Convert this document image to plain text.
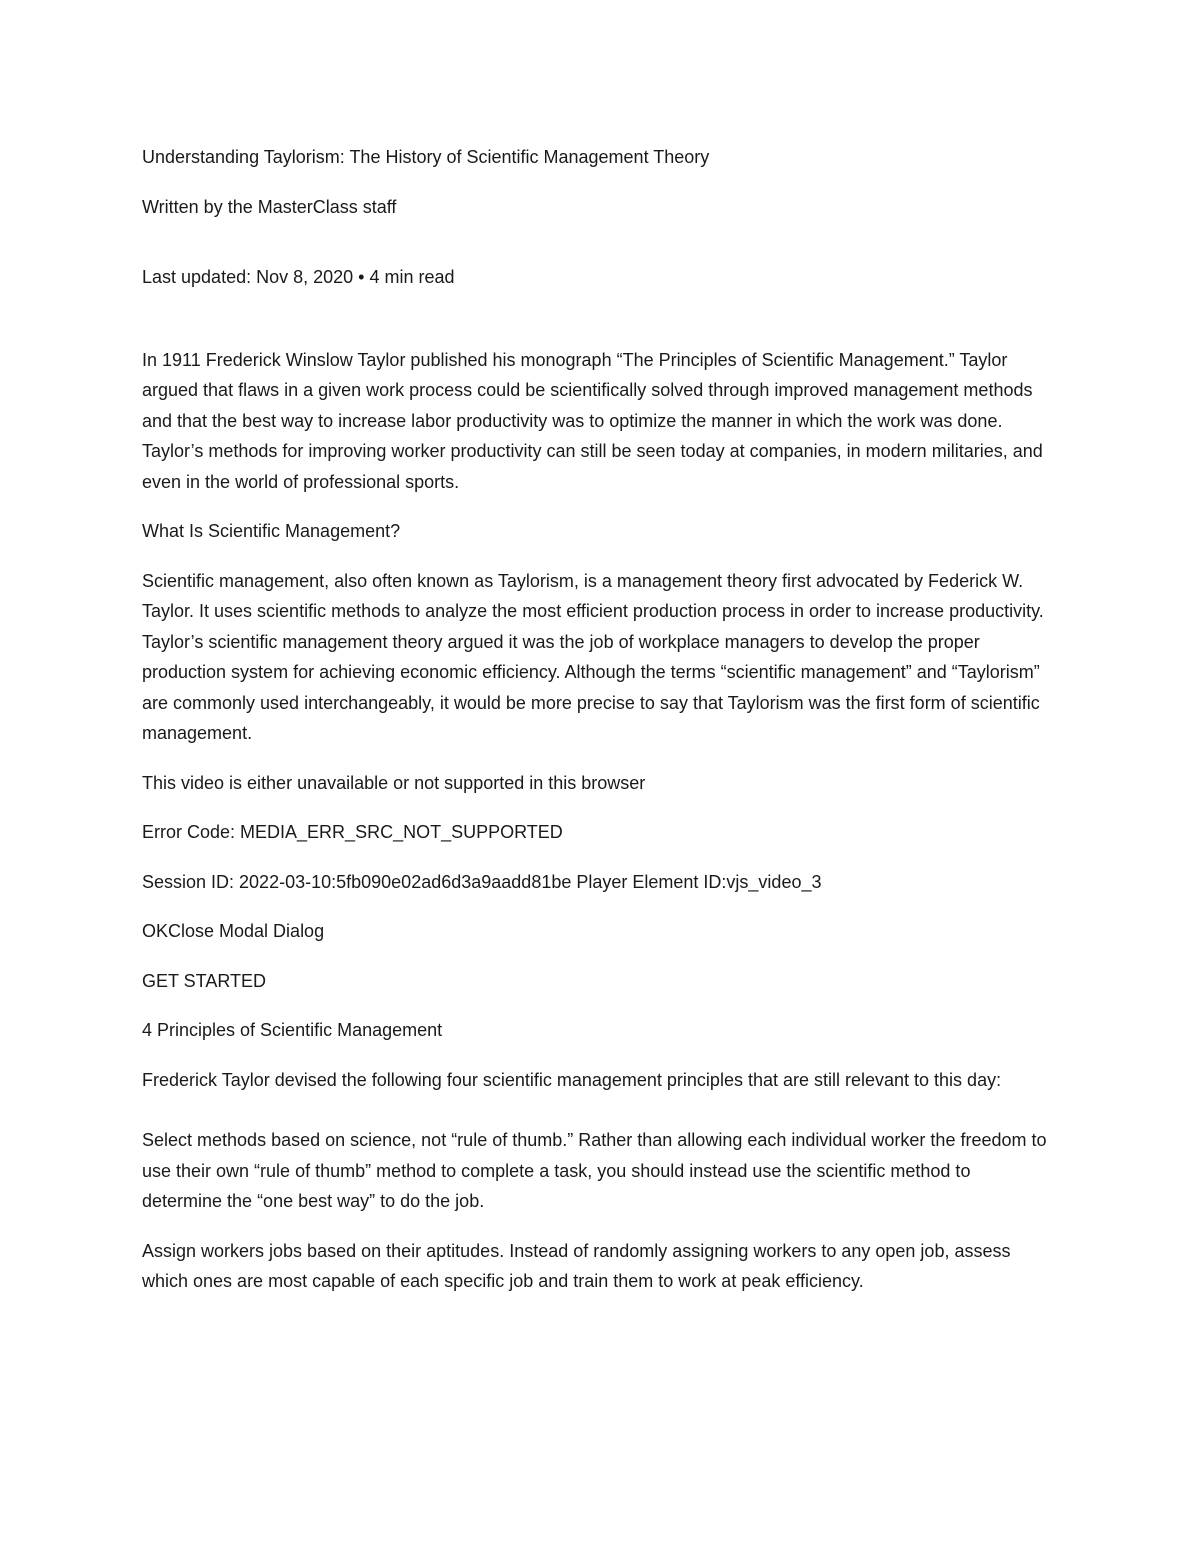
Understanding Taylorism: The History of Scientific Management Theory

Written by the MasterClass staff

Last updated: Nov 8, 2020 • 4 min read

In 1911 Frederick Winslow Taylor published his monograph “The Principles of Scientific Management.” Taylor argued that flaws in a given work process could be scientifically solved through improved management methods and that the best way to increase labor productivity was to optimize the manner in which the work was done. Taylor’s methods for improving worker productivity can still be seen today at companies, in modern militaries, and even in the world of professional sports.

What Is Scientific Management?

Scientific management, also often known as Taylorism, is a management theory first advocated by Federick W. Taylor. It uses scientific methods to analyze the most efficient production process in order to increase productivity. Taylor’s scientific management theory argued it was the job of workplace managers to develop the proper production system for achieving economic efficiency. Although the terms “scientific management” and “Taylorism” are commonly used interchangeably, it would be more precise to say that Taylorism was the first form of scientific management.

This video is either unavailable or not supported in this browser

Error Code: MEDIA_ERR_SRC_NOT_SUPPORTED

Session ID: 2022-03-10:5fb090e02ad6d3a9aadd81be Player Element ID:vjs_video_3

OKClose Modal Dialog

GET STARTED

4 Principles of Scientific Management

Frederick Taylor devised the following four scientific management principles that are still relevant to this day:

Select methods based on science, not “rule of thumb.” Rather than allowing each individual worker the freedom to use their own “rule of thumb” method to complete a task, you should instead use the scientific method to determine the “one best way” to do the job.

Assign workers jobs based on their aptitudes. Instead of randomly assigning workers to any open job, assess which ones are most capable of each specific job and train them to work at peak efficiency.
